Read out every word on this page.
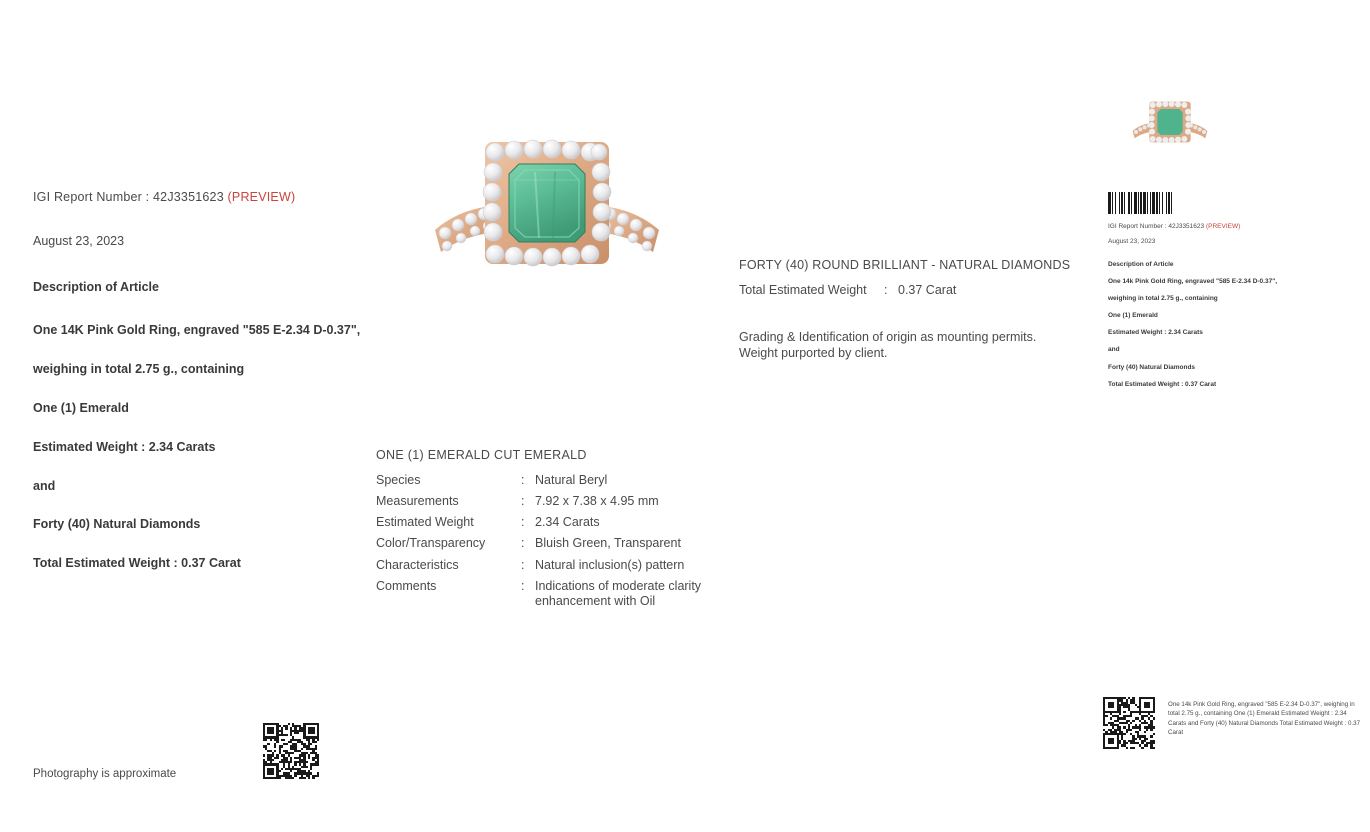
IGI Report Number : 42J3351623 (PREVIEW)
August 23, 2023
Description of Article
One 14K Pink Gold Ring, engraved "585 E-2.34 D-0.37",
weighing in total 2.75 g., containing
One (1) Emerald
Estimated Weight : 2.34 Carats
and
Forty (40) Natural Diamonds
Total Estimated Weight : 0.37 Carat
Photography is approximate
ONE (1) EMERALD CUT EMERALD
Species	: Natural Beryl
Measurements	: 7.92 x 7.38 x 4.95 mm
Estimated Weight	: 2.34 Carats
Color/Transparency	: Bluish Green, Transparent
Characteristics	: Natural inclusion(s) pattern
Comments	: Indications of moderate clarity enhancement with Oil
FORTY (40) ROUND BRILLIANT - NATURAL DIAMONDS
Total Estimated Weight	: 0.37 Carat
Grading & Identification of origin as mounting permits.
Weight purported by client.
IGI Report Number : 42J3351623 (PREVIEW)
August 23, 2023
Description of Article
One 14k Pink Gold Ring, engraved "585 E-2.34 D-0.37",
weighing in total 2.75 g., containing
One (1) Emerald
Estimated Weight : 2.34 Carats
and
Forty (40) Natural Diamonds
Total Estimated Weight : 0.37 Carat
One 14k Pink Gold Ring, engraved "585 E-2.34 D-0.37", weighing in total 2.75 g., containing One (1) Emerald Estimated Weight : 2.34 Carats and Forty (40) Natural Diamonds Total Estimated Weight : 0.37 Carat
